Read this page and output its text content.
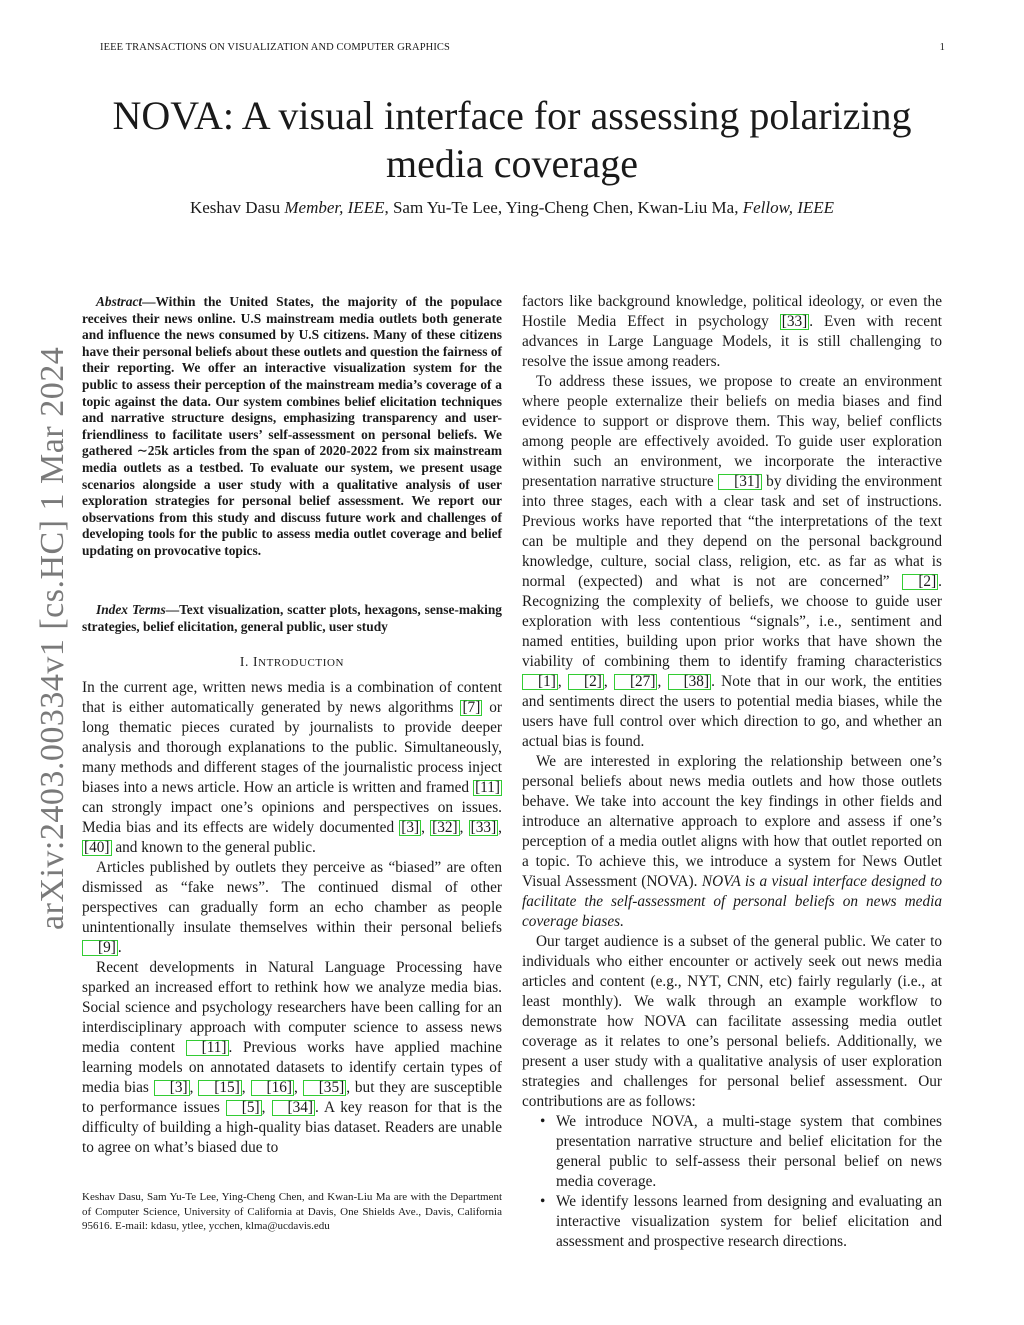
IEEE TRANSACTIONS ON VISUALIZATION AND COMPUTER GRAPHICS	1
arXiv:2403.00334v1 [cs.HC] 1 Mar 2024
NOVA: A visual interface for assessing polarizing media coverage
Keshav Dasu Member, IEEE, Sam Yu-Te Lee, Ying-Cheng Chen, Kwan-Liu Ma, Fellow, IEEE

Abstract—Within the United States, the majority of the populace receives their news online. U.S mainstream media outlets both generate and influence the news consumed by U.S citizens. Many of these citizens have their personal beliefs about these outlets and question the fairness of their reporting. We offer an interactive visualization system for the public to assess their perception of the mainstream media’s coverage of a topic against the data. Our system combines belief elicitation techniques and narrative structure designs, emphasizing transparency and user-friendliness to facilitate users’ self-assessment on personal beliefs. We gathered ∼25k articles from the span of 2020-2022 from six mainstream media outlets as a testbed. To evaluate our system, we present usage scenarios alongside a user study with a qualitative analysis of user exploration strategies for personal belief assessment. We report our observations from this study and discuss future work and challenges of developing tools for the public to assess media outlet coverage and belief updating on provocative topics.

Index Terms—Text visualization, scatter plots, hexagons, sense-making strategies, belief elicitation, general public, user study

I. INTRODUCTION

In the current age, written news media is a combination of content that is either automatically generated by news algorithms [7] or long thematic pieces curated by journalists to provide deeper analysis and thorough explanations to the public. Simultaneously, many methods and different stages of the journalistic process inject biases into a news article. How an article is written and framed [11] can strongly impact one’s opinions and perspectives on issues. Media bias and its effects are widely documented [3] , [32] , [33] , [40] and known to the general public.

Articles published by outlets they perceive as “biased” are often dismissed as “fake news”. The continued dismal of other perspectives can gradually form an echo chamber as people unintentionally insulate themselves within their personal beliefs [9] .

Recent developments in Natural Language Processing have sparked an increased effort to rethink how we analyze media bias. Social science and psychology researchers have been calling for an interdisciplinary approach with computer science to assess news media content [11] . Previous works have applied machine learning models on annotated datasets to identify certain types of media bias [3] , [15] , [16] , [35] , but they are susceptible to performance issues [5] , [34] . A key reason for that is the difficulty of building a high-quality bias dataset. Readers are unable to agree on what’s biased due to

Keshav Dasu, Sam Yu-Te Lee, Ying-Cheng Chen, and Kwan-Liu Ma are with the Department of Computer Science, University of California at Davis, One Shields Ave., Davis, California 95616. E-mail: kdasu, ytlee, ycchen, klma@ucdavis.edu

factors like background knowledge, political ideology, or even the Hostile Media Effect in psychology [33] . Even with recent advances in Large Language Models, it is still challenging to resolve the issue among readers.

To address these issues, we propose to create an environment where people externalize their beliefs on media biases and find evidence to support or disprove them. This way, belief conflicts among people are effectively avoided. To guide user exploration within such an environment, we incorporate the interactive presentation narrative structure [31] by dividing the environment into three stages, each with a clear task and set of instructions. Previous works have reported that “the interpretations of the text can be multiple and they depend on the personal background knowledge, culture, social class, religion, etc. as far as what is normal (expected) and what is not are concerned” [2] . Recognizing the complexity of beliefs, we choose to guide user exploration with less contentious “signals”, i.e., sentiment and named entities, building upon prior works that have shown the viability of combining them to identify framing characteristics [1] , [2] , [27] , [38] . Note that in our work, the entities and sentiments direct the users to potential media biases, while the users have full control over which direction to go, and whether an actual bias is found.

We are interested in exploring the relationship between one’s personal beliefs about news media outlets and how those outlets behave. We take into account the key findings in other fields and introduce an alternative approach to explore and assess if one’s perception of a media outlet aligns with how that outlet reported on a topic. To achieve this, we introduce a system for News Outlet Visual Assessment (NOVA). NOVA is a visual interface designed to facilitate the self-assessment of personal beliefs on news media coverage biases.

Our target audience is a subset of the general public. We cater to individuals who either encounter or actively seek out news media articles and content (e.g., NYT, CNN, etc) fairly regularly (i.e., at least monthly). We walk through an example workflow to demonstrate how NOVA can facilitate assessing media outlet coverage as it relates to one’s personal beliefs. Additionally, we present a user study with a qualitative analysis of user exploration strategies and challenges for personal belief assessment. Our contributions are as follows:

• We introduce NOVA, a multi-stage system that combines presentation narrative structure and belief elicitation for the general public to self-assess their personal belief on news media coverage.
• We identify lessons learned from designing and evaluating an interactive visualization system for belief elicitation and assessment and prospective research directions.
